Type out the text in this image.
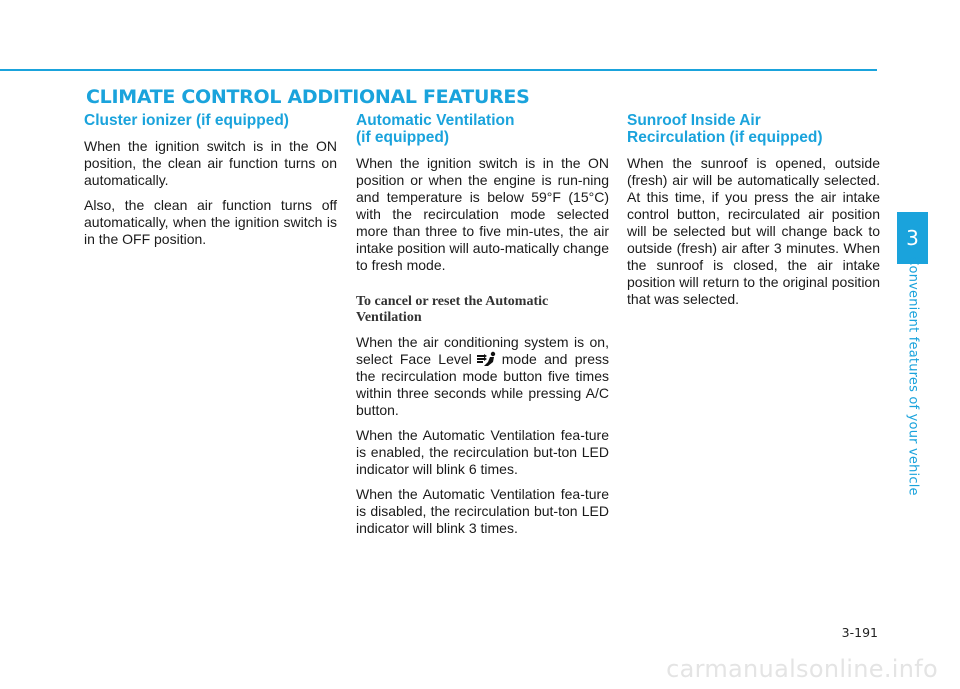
CLIMATE CONTROL ADDITIONAL FEATURES
Cluster ionizer (if equipped)

When the ignition switch is in the ON position, the clean air function turns on automatically.

Also, the clean air function turns off automatically, when the ignition switch is in the OFF position.

Automatic Ventilation
(if equipped)

When the ignition switch is in the ON position or when the engine is run-ning and temperature is below 59°F (15°C) with the recirculation mode selected more than three to five min-utes, the air intake position will auto-matically change to fresh mode.

To cancel or reset the Automatic Ventilation

When the air conditioning system is on, select Face Level mode and press the recirculation mode button five times within three seconds while pressing A/C button.

When the Automatic Ventilation fea-ture is enabled, the recirculation but-ton LED indicator will blink 6 times.

When the Automatic Ventilation fea-ture is disabled, the recirculation but-ton LED indicator will blink 3 times.

Sunroof Inside Air
Recirculation (if equipped)

When the sunroof is opened, outside (fresh) air will be automatically selected. At this time, if you press the air intake control button, recirculated air position will be selected but will change back to outside (fresh) air after 3 minutes. When the sunroof is closed, the air intake position will return to the original position that was selected.

3
Convenient features of your vehicle
3-191
carmanualsonline.info
